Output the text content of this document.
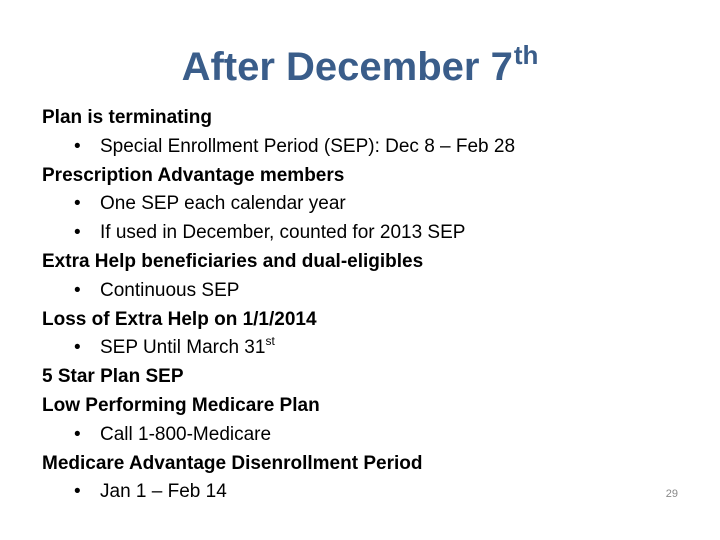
After December 7th
Plan is terminating
• Special Enrollment Period (SEP): Dec 8 – Feb 28
Prescription Advantage members
• One SEP each calendar year
• If used in December, counted for 2013 SEP
Extra Help beneficiaries and dual-eligibles
• Continuous SEP
Loss of Extra Help on 1/1/2014
• SEP Until March 31st
5 Star Plan SEP
Low Performing Medicare Plan
• Call 1-800-Medicare
Medicare Advantage Disenrollment Period
• Jan 1 – Feb 14	29
